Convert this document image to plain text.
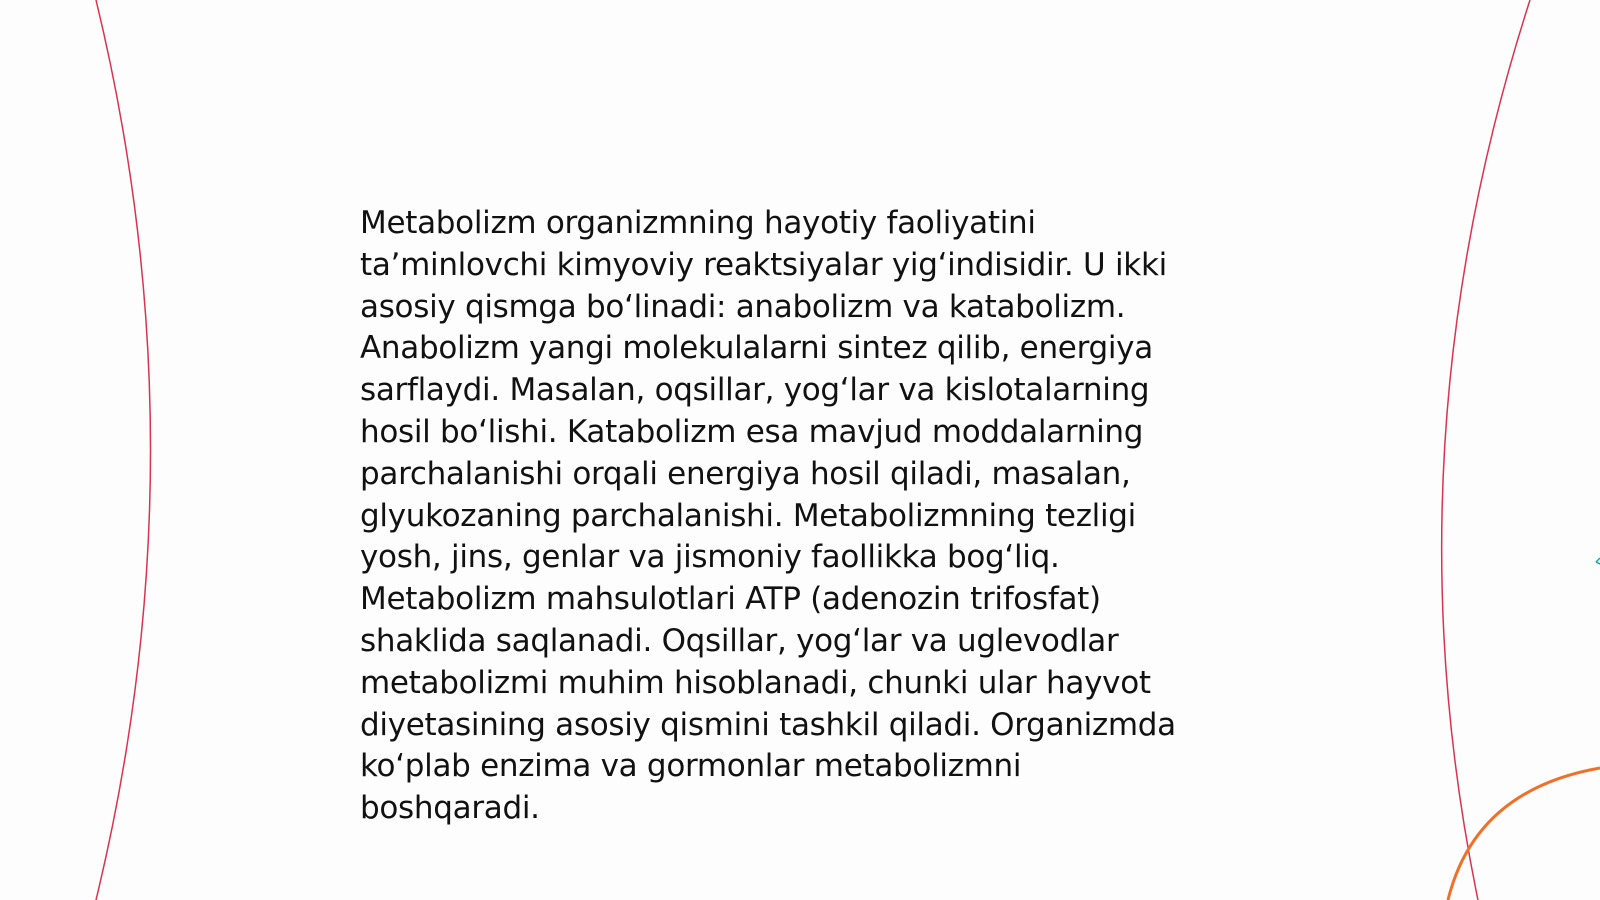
Metabolizm organizmning hayotiy faoliyatini
ta’minlovchi kimyoviy reaktsiyalar yig‘indisidir. U ikki
asosiy qismga bo‘linadi: anabolizm va katabolizm.
Anabolizm yangi molekulalarni sintez qilib, energiya
sarflaydi. Masalan, oqsillar, yog‘lar va kislotalarning
hosil bo‘lishi. Katabolizm esa mavjud moddalarning
parchalanishi orqali energiya hosil qiladi, masalan,
glyukozaning parchalanishi. Metabolizmning tezligi
yosh, jins, genlar va jismoniy faollikka bog‘liq.
Metabolizm mahsulotlari ATP (adenozin trifosfat)
shaklida saqlanadi. Oqsillar, yog‘lar va uglevodlar
metabolizmi muhim hisoblanadi, chunki ular hayvot
diyetasining asosiy qismini tashkil qiladi. Organizmda
ko‘plab enzima va gormonlar metabolizmni
boshqaradi.
